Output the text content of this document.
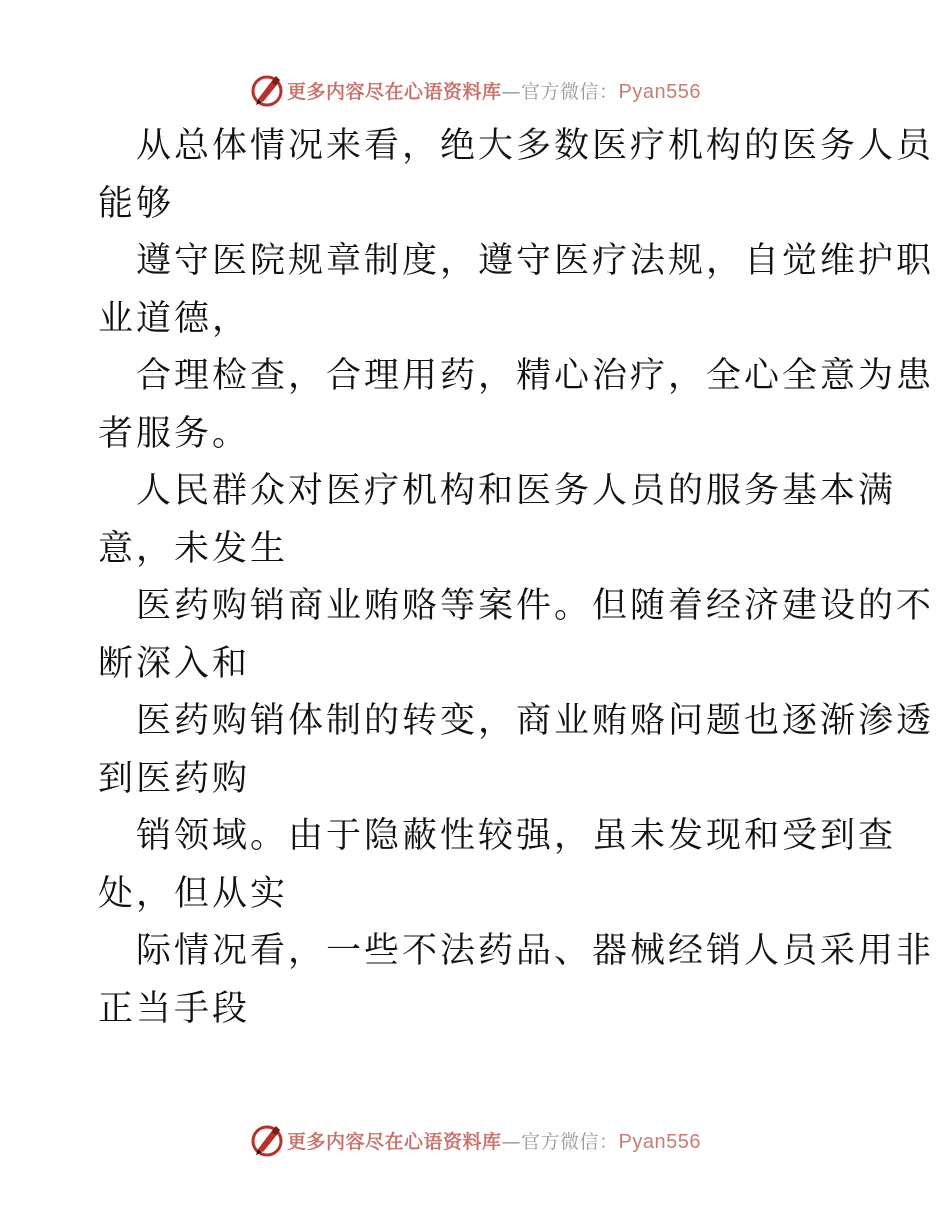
更多内容尽在心语资料库—官方微信：Pyan556

从总体情况来看，绝大多数医疗机构的医务人员
能够

遵守医院规章制度，遵守医疗法规，自觉维护职
业道德，

合理检查，合理用药，精心治疗，全心全意为患
者服务。

人民群众对医疗机构和医务人员的服务基本满
意，未发生

医药购销商业贿赂等案件。但随着经济建设的不
断深入和

医药购销体制的转变，商业贿赂问题也逐渐渗透
到医药购

销领域。由于隐蔽性较强，虽未发现和受到查
处，但从实

际情况看，一些不法药品、器械经销人员采用非
正当手段

更多内容尽在心语资料库—官方微信：Pyan556
